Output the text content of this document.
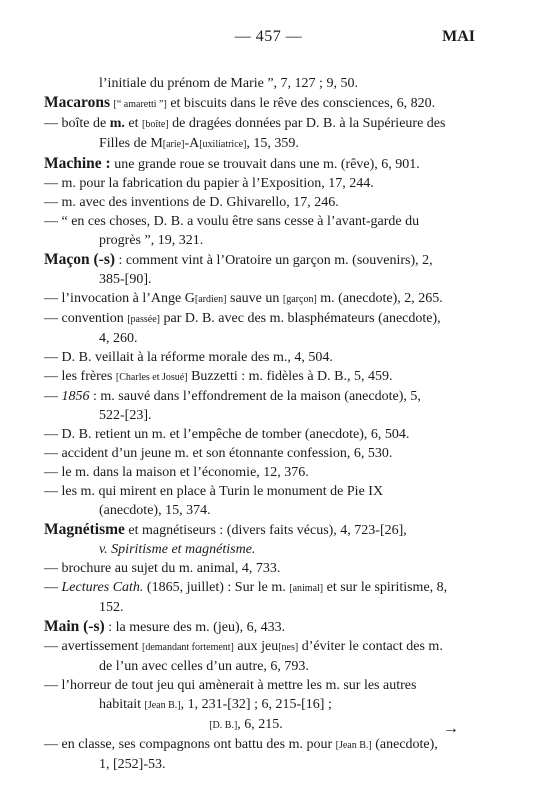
— 457 —	MAI

l’initiale du prénom de Marie ”, 7, 127 ; 9, 50.

Macarons [“ amaretti ”] et biscuits dans le rêve des consciences, 6, 820.

— boîte de m. et [boîte] de dragées données par D. B. à la Supérieure des Filles de M[arie]-A[uxiliatrice], 15, 359.

Machine : une grande roue se trouvait dans une m. (rêve), 6, 901.

— m. pour la fabrication du papier à l’Exposition, 17, 244.

— m. avec des inventions de D. Ghivarello, 17, 246.

— “ en ces choses, D. B. a voulu être sans cesse à l’avant-garde du progrès ”, 19, 321.

Maçon (-s) : comment vint à l’Oratoire un garçon m. (souvenirs), 2, 385-[90].

— l’invocation à l’Ange G[ardien] sauve un [garçon] m. (anecdote), 2, 265.

— convention [passée] par D. B. avec des m. blasphémateurs (anecdote), 4, 260.

— D. B. veillait à la réforme morale des m., 4, 504.

— les frères [Charles et Josué] Buzzetti : m. fidèles à D. B., 5, 459.

— 1856 : m. sauvé dans l’effondrement de la maison (anecdote), 5, 522-[23].

— D. B. retient un m. et l’empêche de tomber (anecdote), 6, 504.

— accident d’un jeune m. et son étonnante confession, 6, 530.

— le m. dans la maison et l’économie, 12, 376.

— les m. qui mirent en place à Turin le monument de Pie IX (anecdote), 15, 374.

Magnétisme et magnétiseurs : (divers faits vécus), 4, 723-[26],

v. Spiritisme et magnétisme.

— brochure au sujet du m. animal, 4, 733.

— Lectures Cath. (1865, juillet) : Sur le m. [animal] et sur le spiritisme, 8, 152.

Main (-s) : la mesure des m. (jeu), 6, 433.

— avertissement [demandant fortement] aux jeu[nes] d’éviter le contact des m. de l’un avec celles d’un autre, 6, 793.

— l’horreur de tout jeu qui amènerait à mettre les m. sur les autres habitait [Jean B.], 1, 231-[32] ; 6, 215-[16] ;

[D. B.], 6, 215.

— en classe, ses compagnons ont battu des m. pour [Jean B.] (anecdote), 1, [252]-53.

→
